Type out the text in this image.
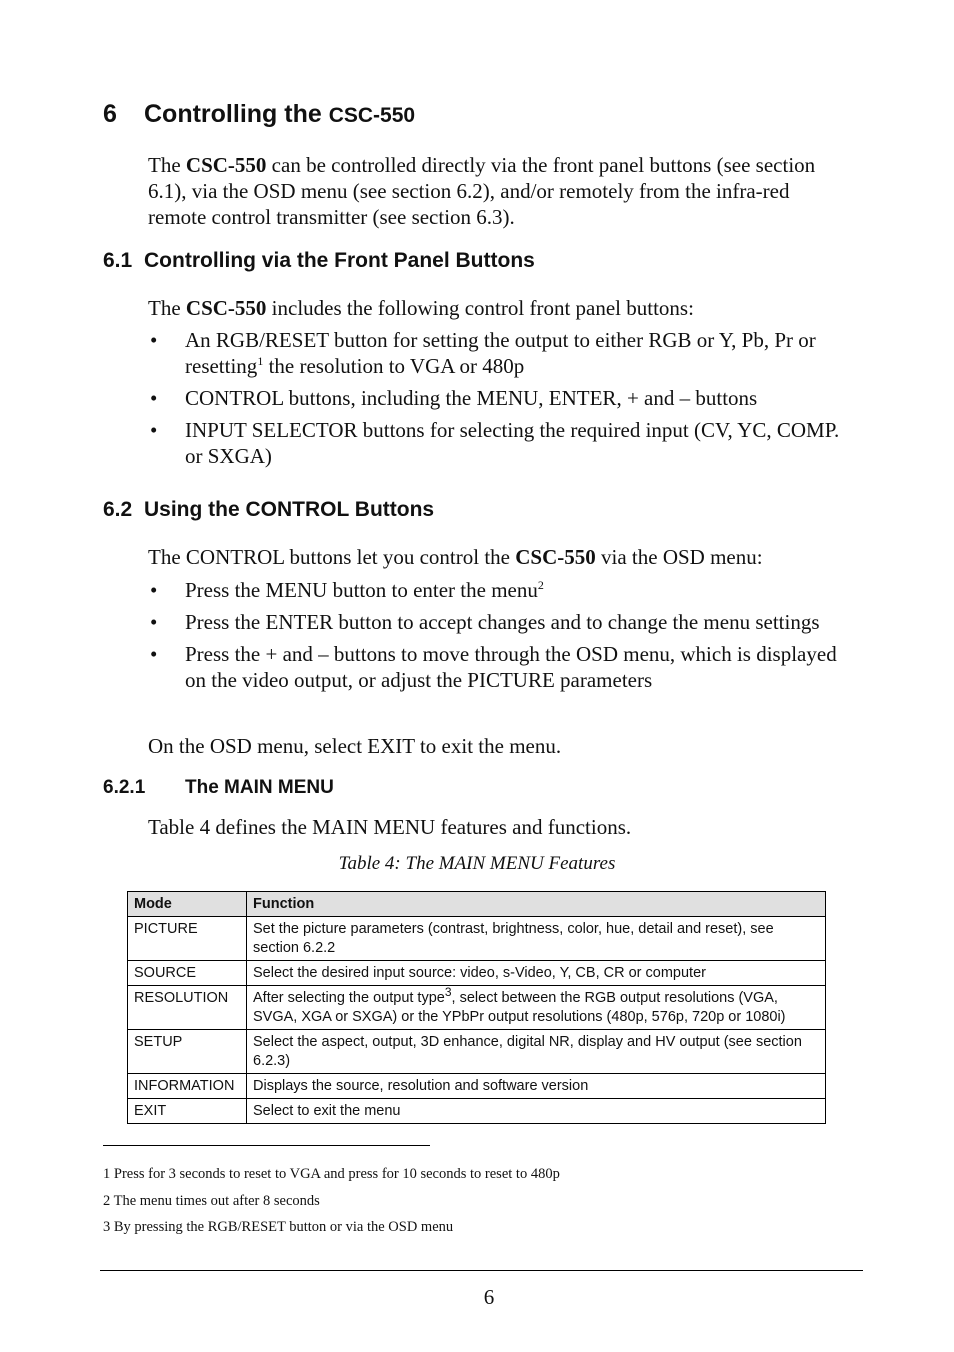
6 Controlling the CSC-550
The CSC-550 can be controlled directly via the front panel buttons (see section 6.1), via the OSD menu (see section 6.2), and/or remotely from the infra-red remote control transmitter (see section 6.3).
6.1 Controlling via the Front Panel Buttons
The CSC-550 includes the following control front panel buttons:
• An RGB/RESET button for setting the output to either RGB or Y, Pb, Pr or resetting$^1$ the resolution to VGA or 480p
• CONTROL buttons, including the MENU, ENTER, + and – buttons
• INPUT SELECTOR buttons for selecting the required input (CV, YC, COMP. or SXGA)
6.2 Using the CONTROL Buttons
The CONTROL buttons let you control the CSC-550 via the OSD menu:
• Press the MENU button to enter the menu$^2$
• Press the ENTER button to accept changes and to change the menu settings
• Press the + and – buttons to move through the OSD menu, which is displayed on the video output, or adjust the PICTURE parameters
On the OSD menu, select EXIT to exit the menu.
6.2.1 The MAIN MENU
Table 4 defines the MAIN MENU features and functions.
Table 4: The MAIN MENU Features
Mode	Function
PICTURE	Set the picture parameters (contrast, brightness, color, hue, detail and reset), see section 6.2.2
SOURCE	Select the desired input source: video, s-Video, Y, CB, CR or computer
RESOLUTION	After selecting the output type$^3$, select between the RGB output resolutions (VGA, SVGA, XGA or SXGA) or the YPbPr output resolutions (480p, 576p, 720p or 1080i)
SETUP	Select the aspect, output, 3D enhance, digital NR, display and HV output (see section 6.2.3)
INFORMATION	Displays the source, resolution and software version
EXIT	Select to exit the menu
1 Press for 3 seconds to reset to VGA and press for 10 seconds to reset to 480p
2 The menu times out after 8 seconds
3 By pressing the RGB/RESET button or via the OSD menu
6
